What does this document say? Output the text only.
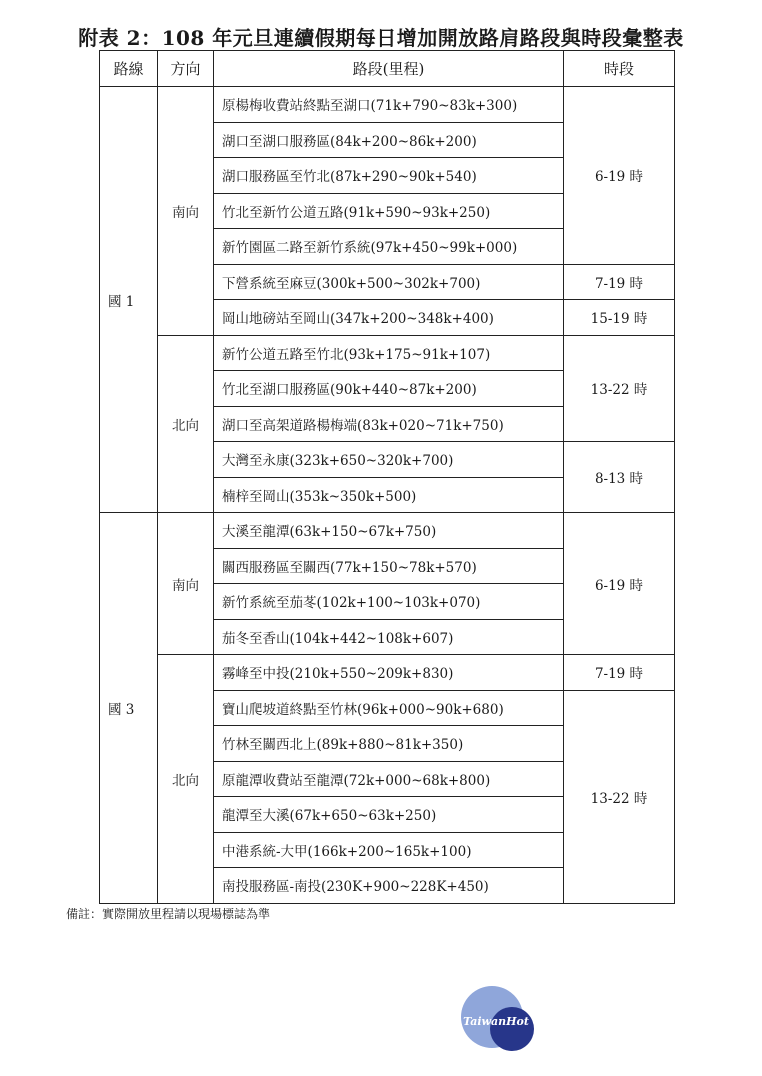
附表 2：108 年元旦連續假期每日增加開放路肩路段與時段彙整表
路線	方向	路段(里程)	時段
國 1	南向	原楊梅收費站終點至湖口(71k+790~83k+300)	6-19 時
		湖口至湖口服務區(84k+200~86k+200)	
		湖口服務區至竹北(87k+290~90k+540)	
		竹北至新竹公道五路(91k+590~93k+250)	
		新竹園區二路至新竹系統(97k+450~99k+000)	
		下營系統至麻豆(300k+500~302k+700)	7-19 時
		岡山地磅站至岡山(347k+200~348k+400)	15-19 時
	北向	新竹公道五路至竹北(93k+175~91k+107)	13-22 時
		竹北至湖口服務區(90k+440~87k+200)	
		湖口至高架道路楊梅端(83k+020~71k+750)	
		大灣至永康(323k+650~320k+700)	8-13 時
		楠梓至岡山(353k~350k+500)	
國 3	南向	大溪至龍潭(63k+150~67k+750)	6-19 時
		關西服務區至關西(77k+150~78k+570)	
		新竹系統至茄苳(102k+100~103k+070)	
		茄冬至香山(104k+442~108k+607)	
	北向	霧峰至中投(210k+550~209k+830)	7-19 時
		寶山爬坡道終點至竹林(96k+000~90k+680)	13-22 時
		竹林至關西北上(89k+880~81k+350)	
		原龍潭收費站至龍潭(72k+000~68k+800)	
		龍潭至大溪(67k+650~63k+250)	
		中港系統-大甲(166k+200~165k+100)	
		南投服務區-南投(230K+900~228K+450)	
備註：實際開放里程請以現場標誌為準
TaiwanHot
